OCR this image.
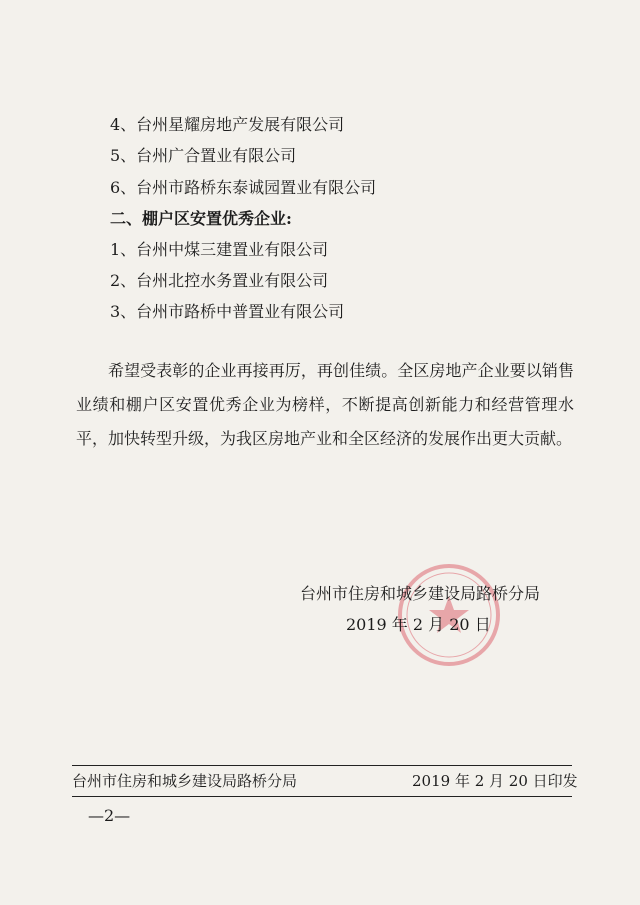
4、台州星耀房地产发展有限公司
5、台州广合置业有限公司
6、台州市路桥东泰诚园置业有限公司
二、棚户区安置优秀企业:
1、台州中煤三建置业有限公司
2、台州北控水务置业有限公司
3、台州市路桥中普置业有限公司

希望受表彰的企业再接再厉，再创佳绩。全区房地产企业要以销售业绩和棚户区安置优秀企业为榜样，不断提高创新能力和经营管理水平，加快转型升级，为我区房地产业和全区经济的发展作出更大贡献。

台州市住房和城乡建设局路桥分局
2019 年 2 月 20 日
台州市住房和城乡建设局路桥分局	2019 年 2 月 20 日印发
—2—
